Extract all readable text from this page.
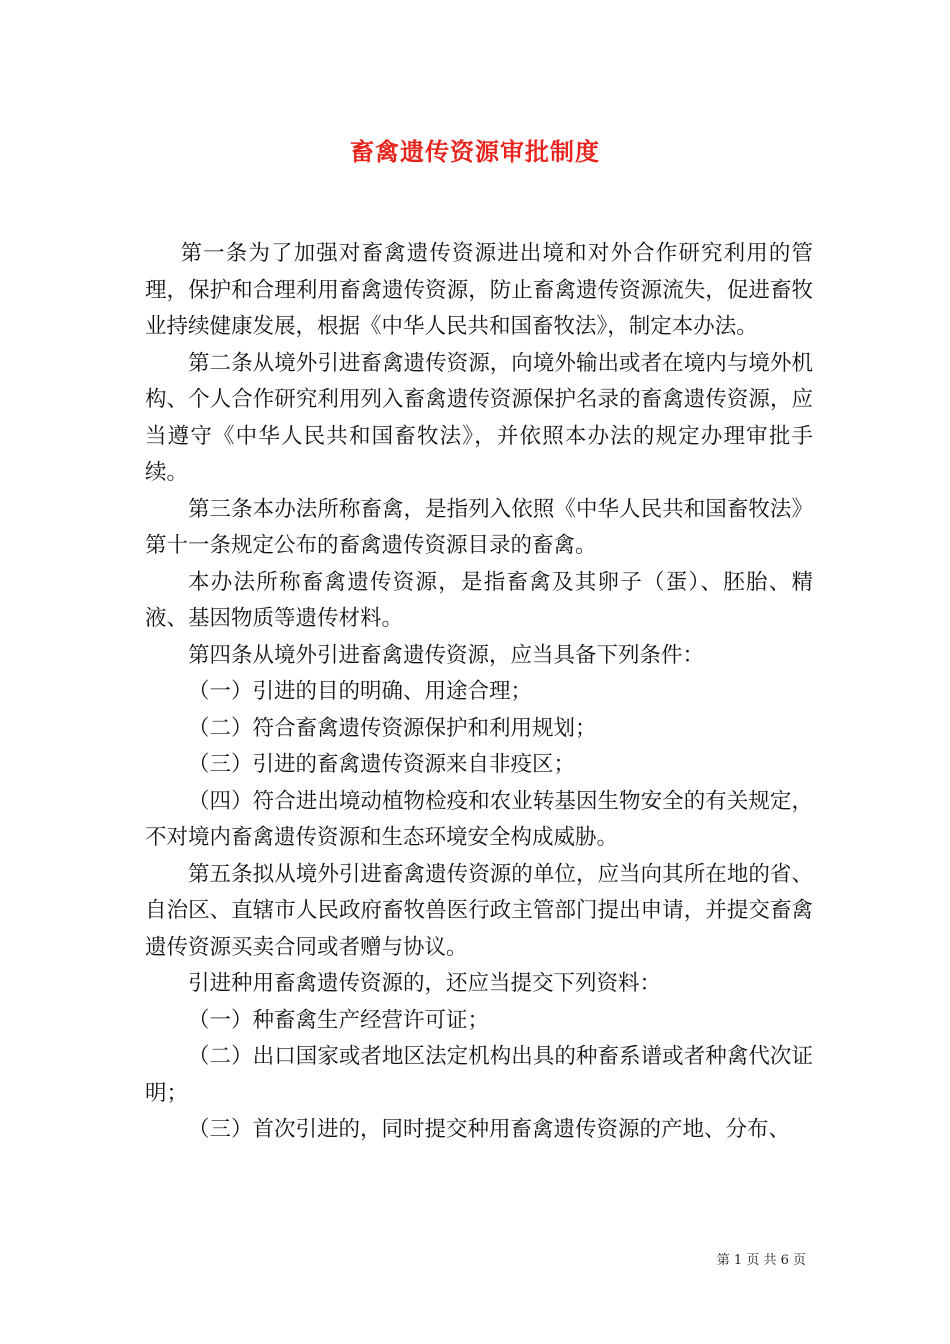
畜禽遗传资源审批制度

第一条为了加强对畜禽遗传资源进出境和对外合作研究利用的管理，保护和合理利用畜禽遗传资源，防止畜禽遗传资源流失，促进畜牧业持续健康发展，根据《中华人民共和国畜牧法》，制定本办法。

第二条从境外引进畜禽遗传资源，向境外输出或者在境内与境外机构、个人合作研究利用列入畜禽遗传资源保护名录的畜禽遗传资源，应当遵守《中华人民共和国畜牧法》，并依照本办法的规定办理审批手续。

第三条本办法所称畜禽，是指列入依照《中华人民共和国畜牧法》第十一条规定公布的畜禽遗传资源目录的畜禽。

本办法所称畜禽遗传资源，是指畜禽及其卵子（蛋）、胚胎、精液、基因物质等遗传材料。

第四条从境外引进畜禽遗传资源，应当具备下列条件：

（一）引进的目的明确、用途合理；

（二）符合畜禽遗传资源保护和利用规划；

（三）引进的畜禽遗传资源来自非疫区；

（四）符合进出境动植物检疫和农业转基因生物安全的有关规定，不对境内畜禽遗传资源和生态环境安全构成威胁。

第五条拟从境外引进畜禽遗传资源的单位，应当向其所在地的省、自治区、直辖市人民政府畜牧兽医行政主管部门提出申请，并提交畜禽遗传资源买卖合同或者赠与协议。

引进种用畜禽遗传资源的，还应当提交下列资料：

（一）种畜禽生产经营许可证；

（二）出口国家或者地区法定机构出具的种畜系谱或者种禽代次证明；

（三）首次引进的，同时提交种用畜禽遗传资源的产地、分布、

第 1 页 共 6 页
